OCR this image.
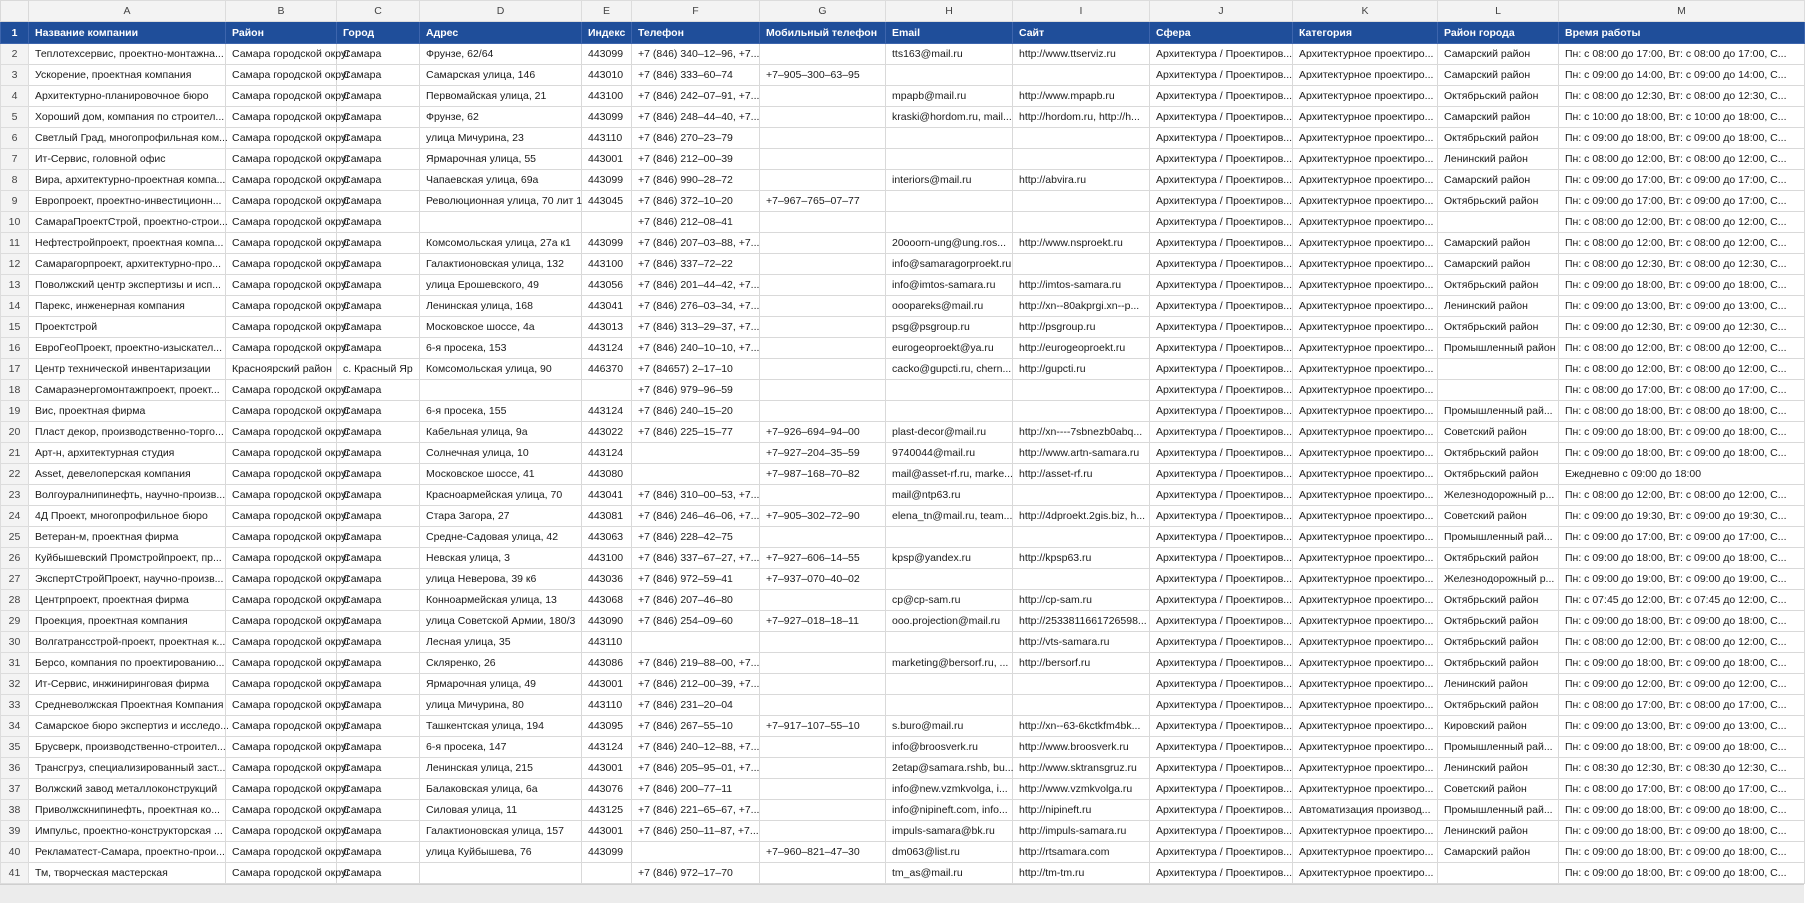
	A	B	C	D	E	F	G	H	I	J	K	L	M
1	Название компании	Район	Город	Адрес	Индекс	Телефон	Мобильный телефон	Email	Сайт	Сфера	Категория	Район города	Время работы
2	Теплотехсервис, проектно-монтажна...	Самара городской округ	Самара	Фрунзе, 62/64	443099	+7 (846) 340–12–96, +7...		tts163@mail.ru	http://www.ttserviz.ru	Архитектура / Проектиров...	Архитектурное проектиро...	Самарский район	Пн: с 08:00 до 17:00, Вт: с 08:00 до 17:00, С...
3	Ускорение, проектная компания	Самара городской округ	Самара	Самарская улица, 146	443010	+7 (846) 333–60–74	+7–905–300–63–95			Архитектура / Проектиров...	Архитектурное проектиро...	Самарский район	Пн: с 09:00 до 14:00, Вт: с 09:00 до 14:00, С...
4	Архитектурно-планировочное бюро	Самара городской округ	Самара	Первомайская улица, 21	443100	+7 (846) 242–07–91, +7...		mpapb@mail.ru	http://www.mpapb.ru	Архитектура / Проектиров...	Архитектурное проектиро...	Октябрьский район	Пн: с 08:00 до 12:30, Вт: с 08:00 до 12:30, С...
5	Хороший дом, компания по строител...	Самара городской округ	Самара	Фрунзе, 62	443099	+7 (846) 248–44–40, +7...		kraski@hordom.ru, mail...	http://hordom.ru, http://h...	Архитектура / Проектиров...	Архитектурное проектиро...	Самарский район	Пн: с 10:00 до 18:00, Вт: с 10:00 до 18:00, С...
6	Светлый Град, многопрофильная ком...	Самара городской округ	Самара	улица Мичурина, 23	443110	+7 (846) 270–23–79				Архитектура / Проектиров...	Архитектурное проектиро...	Октябрьский район	Пн: с 09:00 до 18:00, Вт: с 09:00 до 18:00, С...
7	Ит-Сервис, головной офис	Самара городской округ	Самара	Ярмарочная улица, 55	443001	+7 (846) 212–00–39				Архитектура / Проектиров...	Архитектурное проектиро...	Ленинский район	Пн: с 08:00 до 12:00, Вт: с 08:00 до 12:00, С...
8	Вира, архитектурно-проектная компа...	Самара городской округ	Самара	Чапаевская улица, 69а	443099	+7 (846) 990–28–72		interiors@mail.ru	http://abvira.ru	Архитектура / Проектиров...	Архитектурное проектиро...	Самарский район	Пн: с 09:00 до 17:00, Вт: с 09:00 до 17:00, С...
9	Европроект, проектно-инвестиционн...	Самара городской округ	Самара	Революционная улица, 70 лит 1	443045	+7 (846) 372–10–20	+7–967–765–07–77			Архитектура / Проектиров...	Архитектурное проектиро...	Октябрьский район	Пн: с 09:00 до 17:00, Вт: с 09:00 до 17:00, С...
10	СамараПроектСтрой, проектно-строи...	Самара городской округ	Самара			+7 (846) 212–08–41				Архитектура / Проектиров...	Архитектурное проектиро...		Пн: с 08:00 до 12:00, Вт: с 08:00 до 12:00, С...
11	Нефтестройпроект, проектная компа...	Самара городской округ	Самара	Комсомольская улица, 27а к1	443099	+7 (846) 207–03–88, +7...		20ooorn-ung@ung.ros...	http://www.nsproekt.ru	Архитектура / Проектиров...	Архитектурное проектиро...	Самарский район	Пн: с 08:00 до 12:00, Вт: с 08:00 до 12:00, С...
12	Самарагорпроект, архитектурно-про...	Самара городской округ	Самара	Галактионовская улица, 132	443100	+7 (846) 337–72–22		info@samaragorproekt.ru		Архитектура / Проектиров...	Архитектурное проектиро...	Самарский район	Пн: с 08:00 до 12:30, Вт: с 08:00 до 12:30, С...
13	Поволжский центр экспертизы и исп...	Самара городской округ	Самара	улица Ерошевского, 49	443056	+7 (846) 201–44–42, +7...		info@imtos-samara.ru	http://imtos-samara.ru	Архитектура / Проектиров...	Архитектурное проектиро...	Октябрьский район	Пн: с 09:00 до 18:00, Вт: с 09:00 до 18:00, С...
14	Парекс, инженерная компания	Самара городской округ	Самара	Ленинская улица, 168	443041	+7 (846) 276–03–34, +7...		oooparеks@mail.ru	http://xn--80akprgi.xn--p...	Архитектура / Проектиров...	Архитектурное проектиро...	Ленинский район	Пн: с 09:00 до 13:00, Вт: с 09:00 до 13:00, С...
15	Проектстрой	Самара городской округ	Самара	Московское шоссе, 4а	443013	+7 (846) 313–29–37, +7...		psg@psgroup.ru	http://psgroup.ru	Архитектура / Проектиров...	Архитектурное проектиро...	Октябрьский район	Пн: с 09:00 до 12:30, Вт: с 09:00 до 12:30, С...
16	ЕвроГеоПроект, проектно-изыскател...	Самара городской округ	Самара	6-я просека, 153	443124	+7 (846) 240–10–10, +7...		eurogeoproekt@ya.ru	http://eurogeoproekt.ru	Архитектура / Проектиров...	Архитектурное проектиро...	Промышленный район	Пн: с 08:00 до 12:00, Вт: с 08:00 до 12:00, С...
17	Центр технической инвентаризации	Красноярский район	с. Красный Яр	Комсомольская улица, 90	446370	+7 (84657) 2–17–10		cacko@gupcti.ru, chern...	http://gupcti.ru	Архитектура / Проектиров...	Архитектурное проектиро...		Пн: с 08:00 до 12:00, Вт: с 08:00 до 12:00, С...
18	Самараэнергомонтажпроект, проект...	Самара городской округ	Самара			+7 (846) 979–96–59				Архитектура / Проектиров...	Архитектурное проектиро...		Пн: с 08:00 до 17:00, Вт: с 08:00 до 17:00, С...
19	Вис, проектная фирма	Самара городской округ	Самара	6-я просека, 155	443124	+7 (846) 240–15–20				Архитектура / Проектиров...	Архитектурное проектиро...	Промышленный рай...	Пн: с 08:00 до 18:00, Вт: с 08:00 до 18:00, С...
20	Пласт декор, производственно-торго...	Самара городской округ	Самара	Кабельная улица, 9а	443022	+7 (846) 225–15–77	+7–926–694–94–00	plast-decor@mail.ru	http://xn----7sbnezb0abq...	Архитектура / Проектиров...	Архитектурное проектиро...	Советский район	Пн: с 09:00 до 18:00, Вт: с 09:00 до 18:00, С...
21	Арт-н, архитектурная студия	Самара городской округ	Самара	Солнечная улица, 10	443124		+7–927–204–35–59	9740044@mail.ru	http://www.artn-samara.ru	Архитектура / Проектиров...	Архитектурное проектиро...	Октябрьский район	Пн: с 09:00 до 18:00, Вт: с 09:00 до 18:00, С...
22	Asset, девелоперская компания	Самара городской округ	Самара	Московское шоссе, 41	443080		+7–987–168–70–82	mail@asset-rf.ru, marke...	http://asset-rf.ru	Архитектура / Проектиров...	Архитектурное проектиро...	Октябрьский район	Ежедневно с 09:00 до 18:00
23	Волгоуралнипинефть, научно-произв...	Самара городской округ	Самара	Красноармейская улица, 70	443041	+7 (846) 310–00–53, +7...		mail@ntp63.ru		Архитектура / Проектиров...	Архитектурное проектиро...	Железнодорожный р...	Пн: с 08:00 до 12:00, Вт: с 08:00 до 12:00, С...
24	4Д Проект, многопрофильное бюро	Самара городской округ	Самара	Стара Загора, 27	443081	+7 (846) 246–46–06, +7...	+7–905–302–72–90	elena_tn@mail.ru, team...	http://4dproekt.2gis.biz, h...	Архитектура / Проектиров...	Архитектурное проектиро...	Советский район	Пн: с 09:00 до 19:30, Вт: с 09:00 до 19:30, С...
25	Ветеран-м, проектная фирма	Самара городской округ	Самара	Средне-Садовая улица, 42	443063	+7 (846) 228–42–75				Архитектура / Проектиров...	Архитектурное проектиро...	Промышленный рай...	Пн: с 09:00 до 17:00, Вт: с 09:00 до 17:00, С...
26	Куйбышевский Промстройпроект, пр...	Самара городской округ	Самара	Невская улица, 3	443100	+7 (846) 337–67–27, +7...	+7–927–606–14–55	kpsp@yandex.ru	http://kpsp63.ru	Архитектура / Проектиров...	Архитектурное проектиро...	Октябрьский район	Пн: с 09:00 до 18:00, Вт: с 09:00 до 18:00, С...
27	ЭкспертСтройПроект, научно-произв...	Самара городской округ	Самара	улица Неверова, 39 к6	443036	+7 (846) 972–59–41	+7–937–070–40–02			Архитектура / Проектиров...	Архитектурное проектиро...	Железнодорожный р...	Пн: с 09:00 до 19:00, Вт: с 09:00 до 19:00, С...
28	Центрпроект, проектная фирма	Самара городской округ	Самара	Конноармейская улица, 13	443068	+7 (846) 207–46–80		cp@cp-sam.ru	http://cp-sam.ru	Архитектура / Проектиров...	Архитектурное проектиро...	Октябрьский район	Пн: с 07:45 до 12:00, Вт: с 07:45 до 12:00, С...
29	Проекция, проектная компания	Самара городской округ	Самара	улица Советской Армии, 180/3	443090	+7 (846) 254–09–60	+7–927–018–18–11	ooo.projection@mail.ru	http://2533811661726598...	Архитектура / Проектиров...	Архитектурное проектиро...	Октябрьский район	Пн: с 09:00 до 18:00, Вт: с 09:00 до 18:00, С...
30	Волгатрансстрой-проект, проектная к...	Самара городской округ	Самара	Лесная улица, 35	443110				http://vts-samara.ru	Архитектура / Проектиров...	Архитектурное проектиро...	Октябрьский район	Пн: с 08:00 до 12:00, Вт: с 08:00 до 12:00, С...
31	Берсо, компания по проектированию...	Самара городской округ	Самара	Скляренко, 26	443086	+7 (846) 219–88–00, +7...		marketing@bersorf.ru, ...	http://bersorf.ru	Архитектура / Проектиров...	Архитектурное проектиро...	Октябрьский район	Пн: с 09:00 до 18:00, Вт: с 09:00 до 18:00, С...
32	Ит-Сервис, инжиниринговая фирма	Самара городской округ	Самара	Ярмарочная улица, 49	443001	+7 (846) 212–00–39, +7...				Архитектура / Проектиров...	Архитектурное проектиро...	Ленинский район	Пн: с 09:00 до 12:00, Вт: с 09:00 до 12:00, С...
33	Средневолжская Проектная Компания	Самара городской округ	Самара	улица Мичурина, 80	443110	+7 (846) 231–20–04				Архитектура / Проектиров...	Архитектурное проектиро...	Октябрьский район	Пн: с 08:00 до 17:00, Вт: с 08:00 до 17:00, С...
34	Самарское бюро экспертиз и исследо...	Самара городской округ	Самара	Ташкентская улица, 194	443095	+7 (846) 267–55–10	+7–917–107–55–10	s.buro@mail.ru	http://xn--63-6kctkfm4bk...	Архитектура / Проектиров...	Архитектурное проектиро...	Кировский район	Пн: с 09:00 до 13:00, Вт: с 09:00 до 13:00, С...
35	Брусверк, производственно-строител...	Самара городской округ	Самара	6-я просека, 147	443124	+7 (846) 240–12–88, +7...		info@broosverk.ru	http://www.broosverk.ru	Архитектура / Проектиров...	Архитектурное проектиро...	Промышленный рай...	Пн: с 09:00 до 18:00, Вт: с 09:00 до 18:00, С...
36	Трансгруз, специализированный заст...	Самара городской округ	Самара	Ленинская улица, 215	443001	+7 (846) 205–95–01, +7...		2etap@samara.rshb, bu...	http://www.sktransgruz.ru	Архитектура / Проектиров...	Архитектурное проектиро...	Ленинский район	Пн: с 08:30 до 12:30, Вт: с 08:30 до 12:30, С...
37	Волжский завод металлоконструкций	Самара городской округ	Самара	Балаковская улица, 6а	443076	+7 (846) 200–77–11		info@new.vzmkvolga, i...	http://www.vzmkvolga.ru	Архитектура / Проектиров...	Архитектурное проектиро...	Советский район	Пн: с 08:00 до 17:00, Вт: с 08:00 до 17:00, С...
38	Приволжскнипинефть, проектная ко...	Самара городской округ	Самара	Силовая улица, 11	443125	+7 (846) 221–65–67, +7...		info@nipineft.com, info...	http://nipineft.ru	Архитектура / Проектиров...	Автоматизация производ...	Промышленный рай...	Пн: с 09:00 до 18:00, Вт: с 09:00 до 18:00, С...
39	Импульс, проектно-конструкторская ...	Самара городской округ	Самара	Галактионовская улица, 157	443001	+7 (846) 250–11–87, +7...		impuls-samara@bk.ru	http://impuls-samara.ru	Архитектура / Проектиров...	Архитектурное проектиро...	Ленинский район	Пн: с 09:00 до 18:00, Вт: с 09:00 до 18:00, С...
40	Рекламатест-Самара, проектно-прои...	Самара городской округ	Самара	улица Куйбышева, 76	443099		+7–960–821–47–30	dm063@list.ru	http://rtsamara.com	Архитектура / Проектиров...	Архитектурное проектиро...	Самарский район	Пн: с 09:00 до 18:00, Вт: с 09:00 до 18:00, С...
41	Тм, творческая мастерская	Самара городской округ	Самара			+7 (846) 972–17–70		tm_as@mail.ru	http://tm-tm.ru	Архитектура / Проектиров...	Архитектурное проектиро...		Пн: с 09:00 до 18:00, Вт: с 09:00 до 18:00, С...
